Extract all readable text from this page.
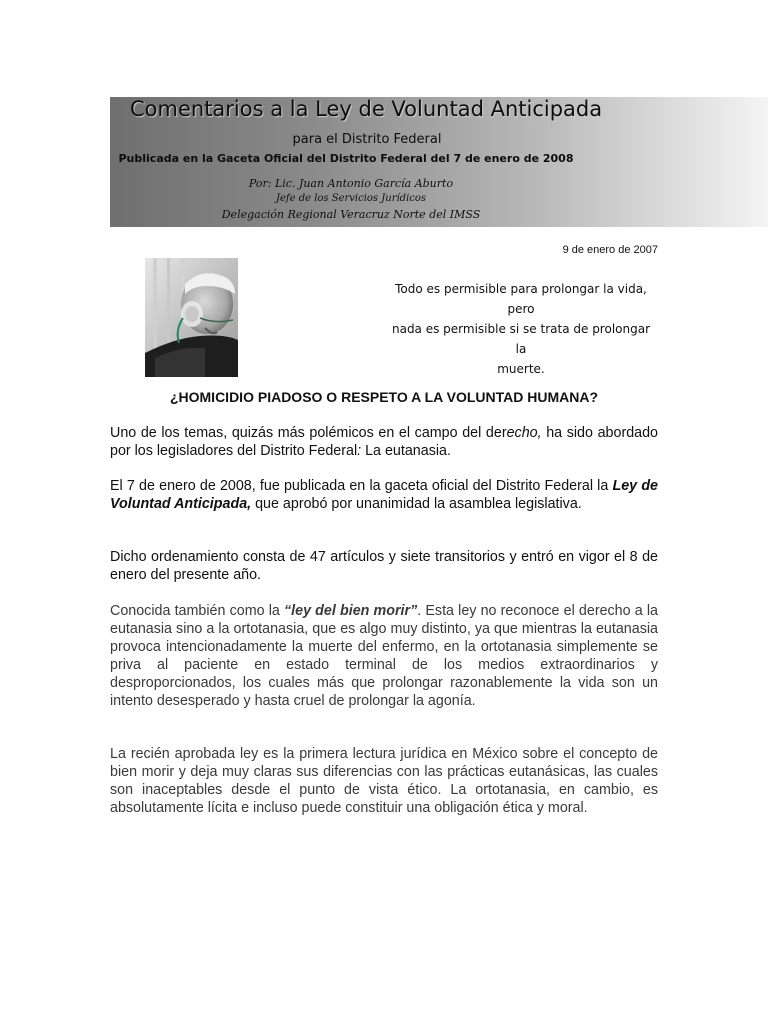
Comentarios a la Ley de Voluntad Anticipada
para el Distrito Federal
Publicada en la Gaceta Oficial del Distrito Federal del 7 de enero de 2008
Por: Lic. Juan Antonio García Aburto
Jefe de los Servicios Jurídicos
Delegación Regional Veracruz Norte del IMSS
9 de enero de 2007
Todo es permisible para prolongar la vida, pero
nada es permisible si se trata de prolongar la
muerte.
¿HOMICIDIO PIADOSO O RESPETO A LA VOLUNTAD HUMANA?

Uno de los temas, quizás más polémicos en el campo del derecho, ha sido abordado por los legisladores del Distrito Federal: La eutanasia.

El 7 de enero de 2008, fue publicada en la gaceta oficial del Distrito Federal la Ley de Voluntad Anticipada, que aprobó por unanimidad la asamblea legislativa.

Dicho ordenamiento consta de 47 artículos y siete transitorios y entró en vigor el 8 de enero del presente año.

Conocida también como la “ley del bien morir”. Esta ley no reconoce el derecho a la eutanasia sino a la ortotanasia, que es algo muy distinto, ya que mientras la eutanasia provoca intencionadamente la muerte del enfermo, en la ortotanasia simplemente se priva al paciente en estado terminal de los medios extraordinarios y desproporcionados, los cuales más que prolongar razonablemente la vida son un intento desesperado y hasta cruel de prolongar la agonía.

La recién aprobada ley es la primera lectura jurídica en México sobre el concepto de bien morir y deja muy claras sus diferencias con las prácticas eutanásicas, las cuales son inaceptables desde el punto de vista ético. La ortotanasia, en cambio, es absolutamente lícita e incluso puede constituir una obligación ética y moral.
